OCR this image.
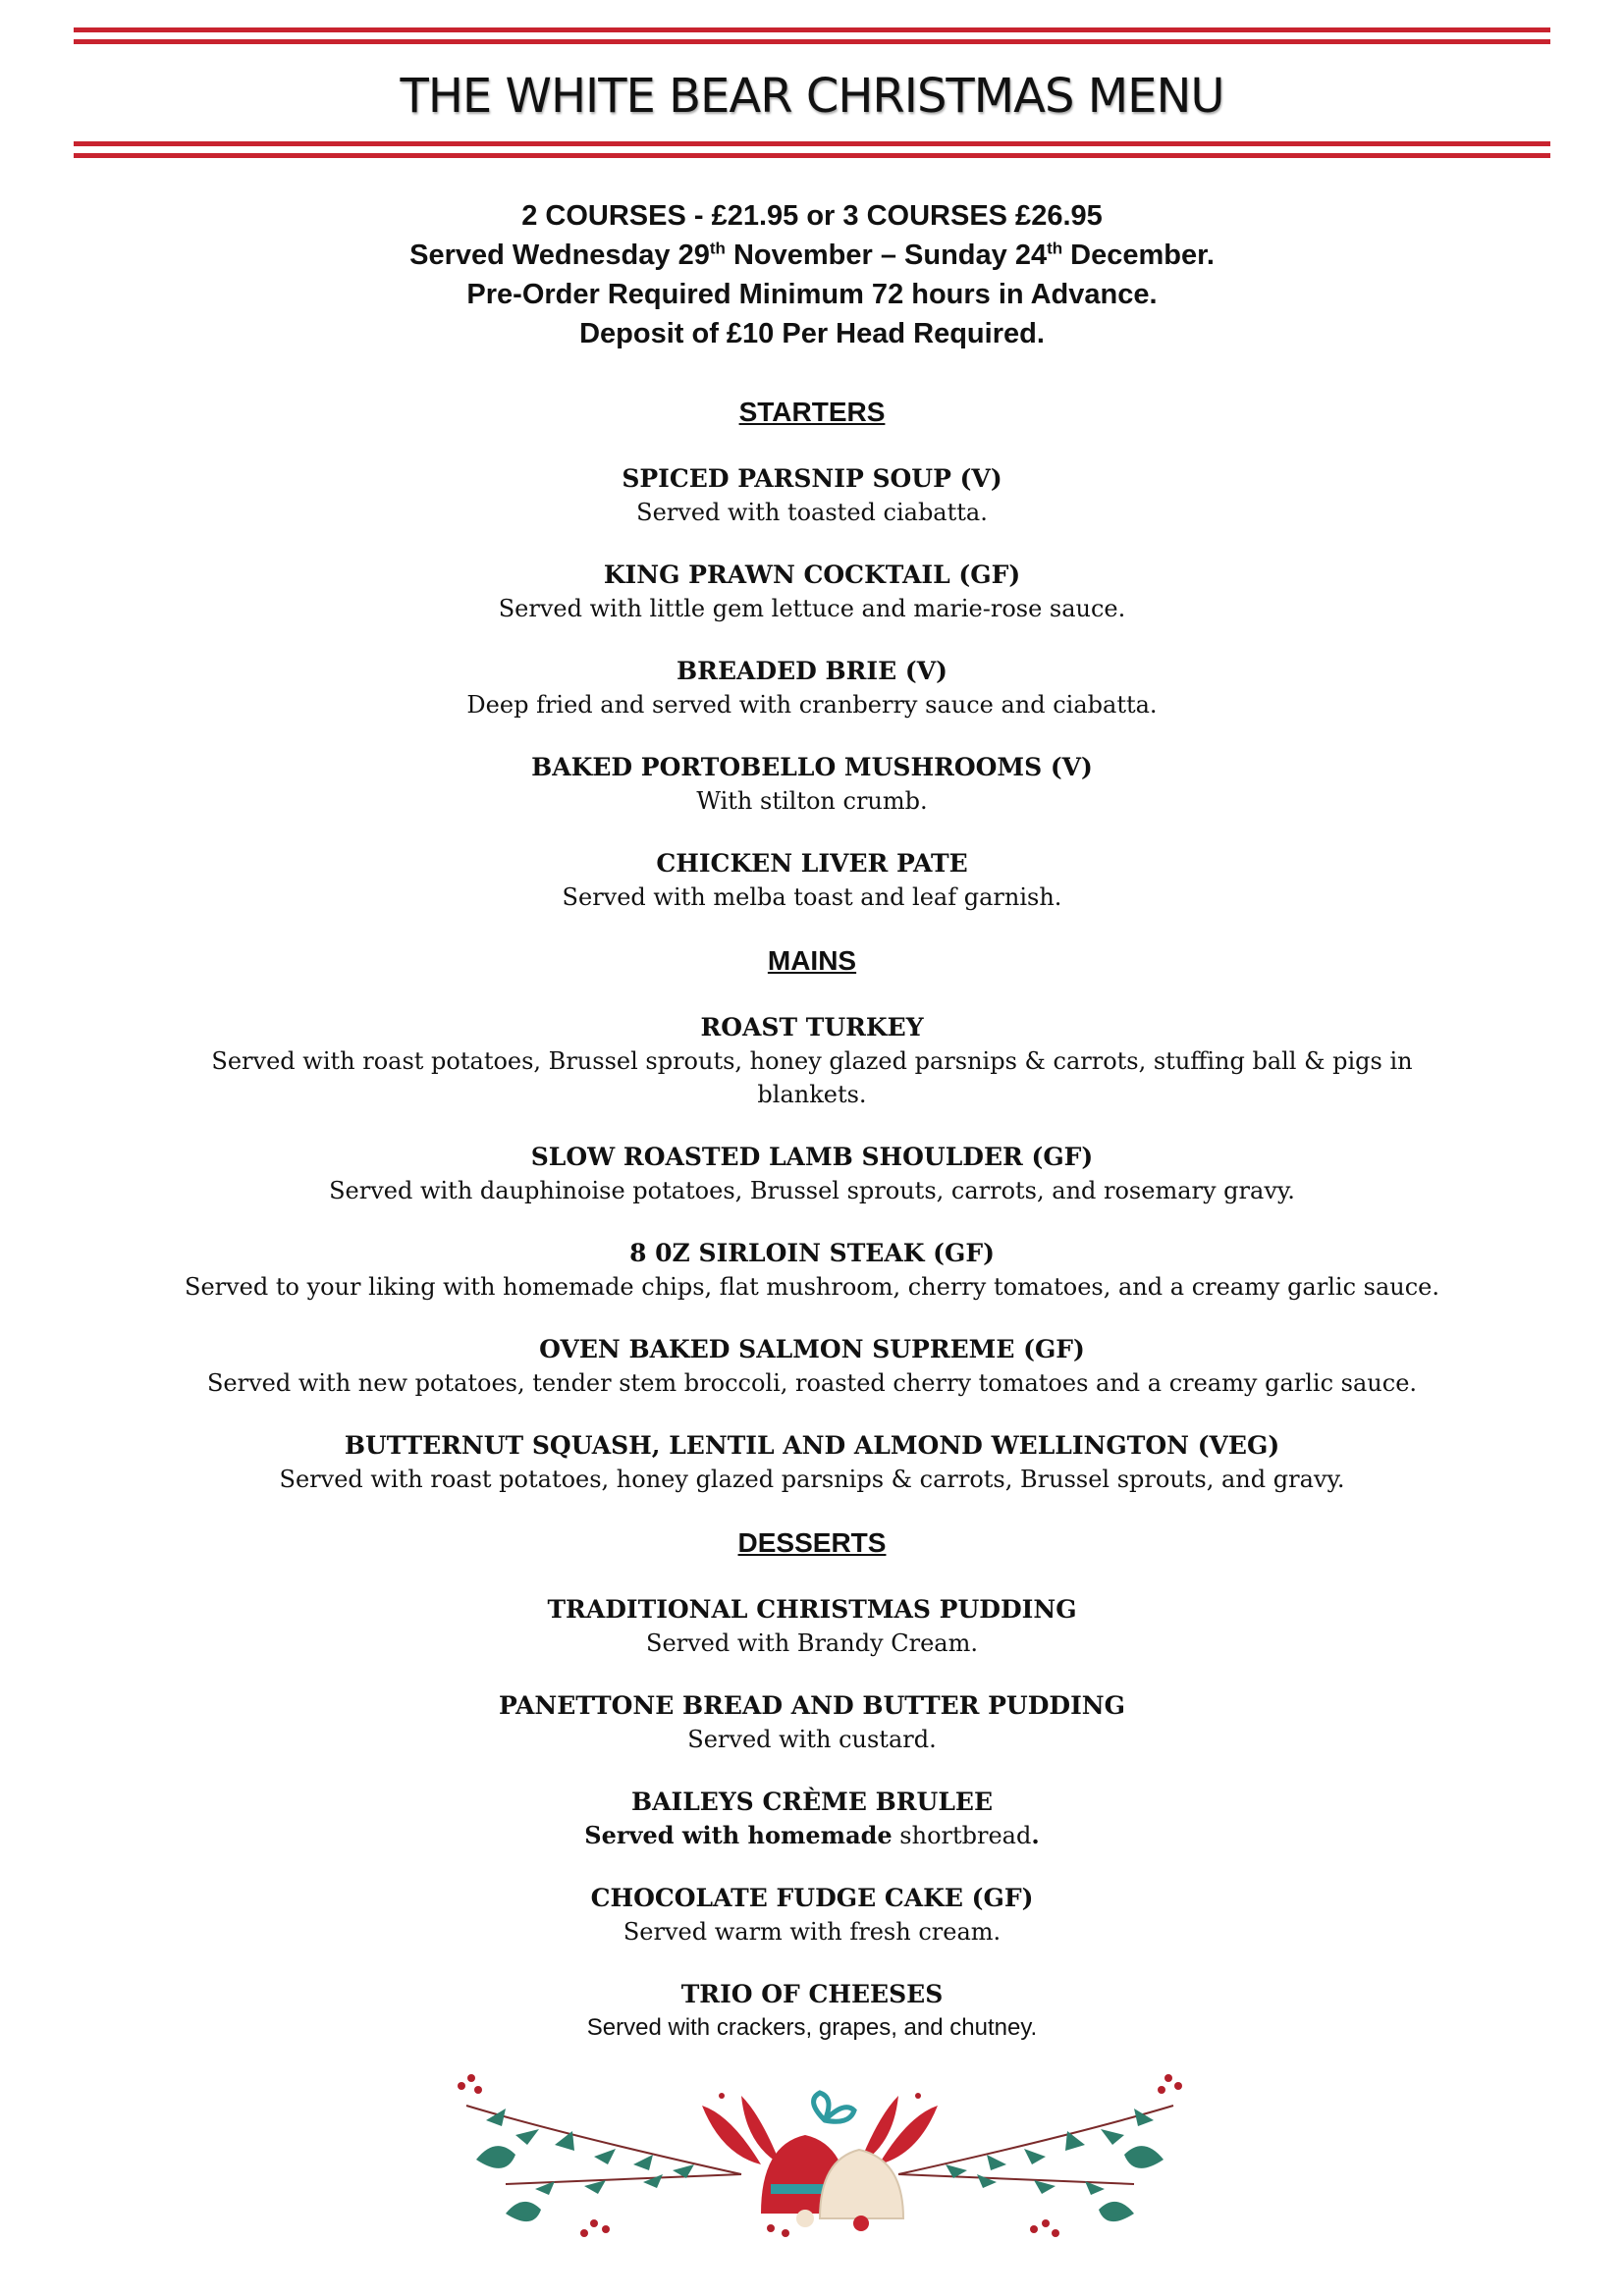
THE WHITE BEAR CHRISTMAS MENU
2 COURSES - £21.95 or 3 COURSES £26.95
Served Wednesday 29th November – Sunday 24th December.
Pre-Order Required Minimum 72 hours in Advance.
Deposit of £10 Per Head Required.
STARTERS
SPICED PARSNIP SOUP (V)
Served with toasted ciabatta.
KING PRAWN COCKTAIL (GF)
Served with little gem lettuce and marie-rose sauce.
BREADED BRIE (V)
Deep fried and served with cranberry sauce and ciabatta.
BAKED PORTOBELLO MUSHROOMS (V)
With stilton crumb.
CHICKEN LIVER PATE
Served with melba toast and leaf garnish.
MAINS
ROAST TURKEY
Served with roast potatoes, Brussel sprouts, honey glazed parsnips & carrots, stuffing ball & pigs in blankets.
SLOW ROASTED LAMB SHOULDER (GF)
Served with dauphinoise potatoes, Brussel sprouts, carrots, and rosemary gravy.
8 0Z SIRLOIN STEAK (GF)
Served to your liking with homemade chips, flat mushroom, cherry tomatoes, and a creamy garlic sauce.
OVEN BAKED SALMON SUPREME (GF)
Served with new potatoes, tender stem broccoli, roasted cherry tomatoes and a creamy garlic sauce.
BUTTERNUT SQUASH, LENTIL AND ALMOND WELLINGTON (VEG)
Served with roast potatoes, honey glazed parsnips & carrots, Brussel sprouts, and gravy.
DESSERTS
TRADITIONAL CHRISTMAS PUDDING
Served with Brandy Cream.
PANETTONE BREAD AND BUTTER PUDDING
Served with custard.
BAILEYS CRÈME BRULEE
Served with homemade shortbread.
CHOCOLATE FUDGE CAKE (GF)
Served warm with fresh cream.
TRIO OF CHEESES
Served with crackers, grapes, and chutney.
